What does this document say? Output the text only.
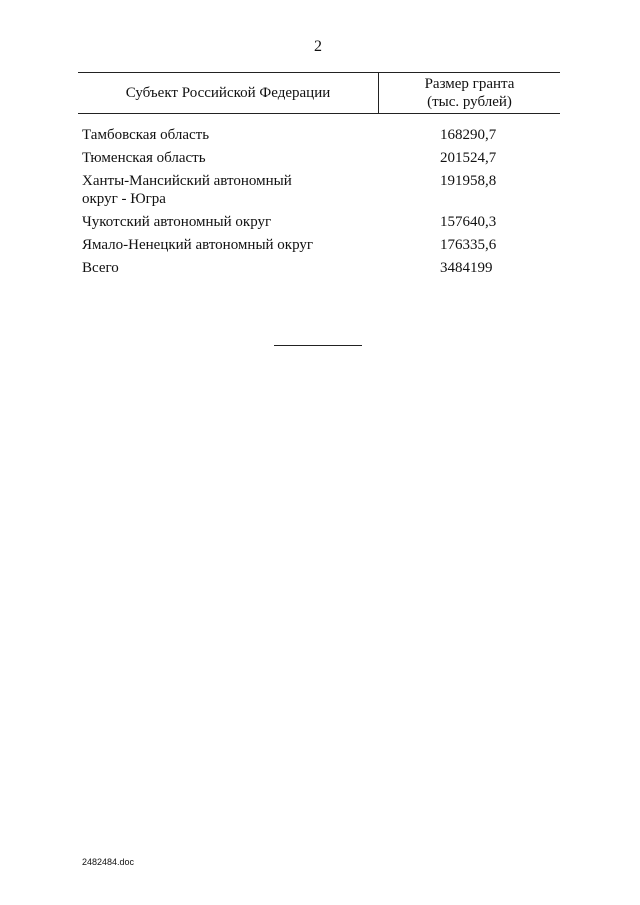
2
Субъект Российской Федерации
Размер гранта
(тыс. рублей)
Тамбовская область	168290,7
Тюменская область	201524,7
Ханты-Мансийский автономный
округ - Югра
191958,8
Чукотский автономный округ	157640,3
Ямало-Ненецкий автономный округ	176335,6
Всего	3484199
2482484.doc
